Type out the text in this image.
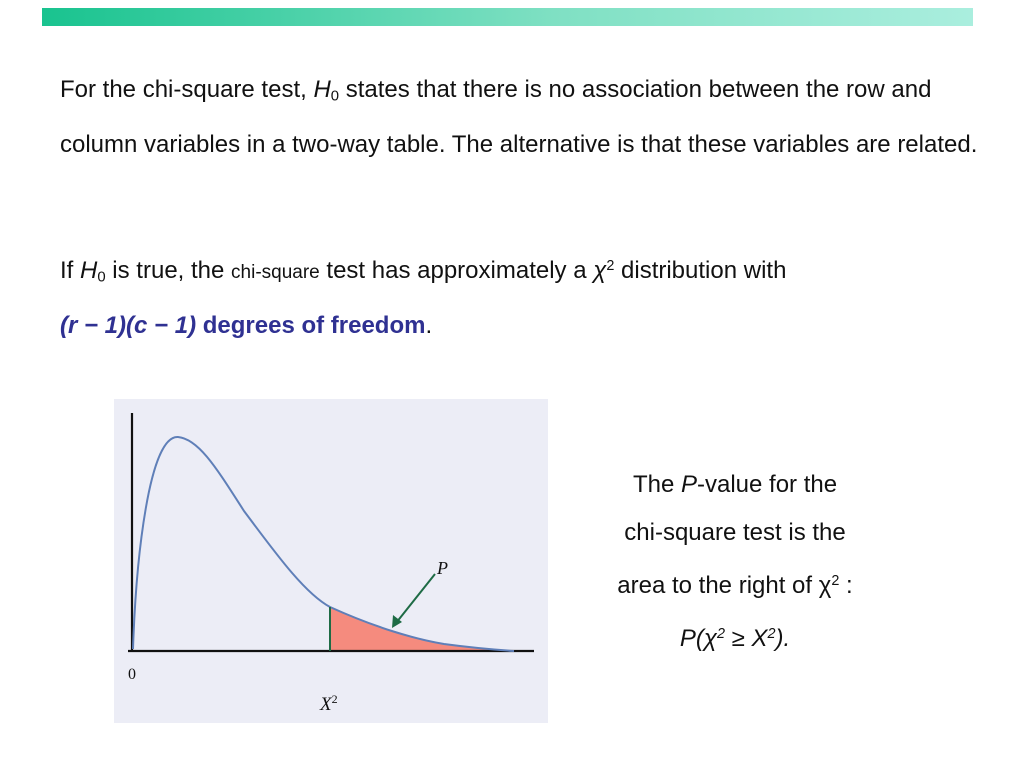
For the chi-square test, $H_0$ states that there is no association between the row and column variables in a two-way table. The alternative is that these variables are related.

If $H_0$ is true, the chi-square test has approximately a $\chi^2$ distribution with
(r − 1)(c − 1) degrees of freedom.

P
0
$X^2$
The P-value for the
chi-square test is the
area to the right of $\chi^2$ :
$P(\chi^2 \ge X^2)$.
